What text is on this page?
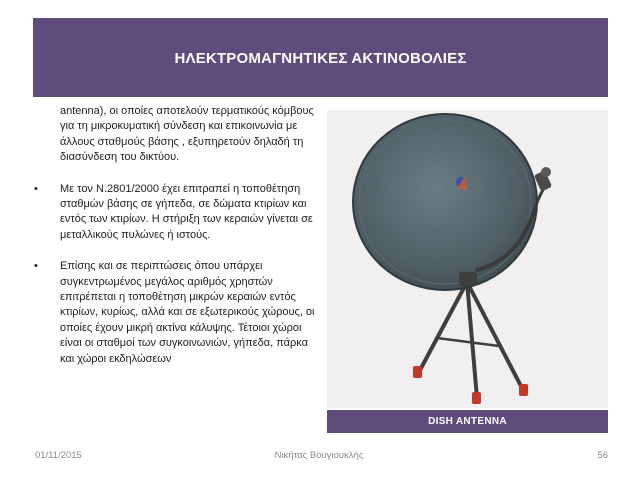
ΗΛΕΚΤΡΟΜΑΓΝΗΤΙΚΕΣ ΑΚΤΙΝΟΒΟΛΙΕΣ

antenna), οι οποίες αποτελούν τερματικούς κόμβους για τη μικροκυματική σύνδεση και επικοινωνία με άλλους σταθμούς βάσης , εξυπηρετούν δηλαδή τη διασύνδεση του δικτύου.

•	Με τον Ν.2801/2000 έχει επιτραπεί η τοποθέτηση σταθμών βάσης σε γήπεδα, σε δώματα κτιρίων και εντός των κτιρίων. Η στήριξη των κεραιών γίνεται σε μεταλλικούς πυλώνες ή ιστούς.
•	Επίσης και σε περιπτώσεις όπου υπάρχει συγκεντρωμένος μεγάλος αριθμός χρηστών επιτρέπεται η τοποθέτηση μικρών κεραιών εντός κτιρίων, κυρίως, αλλά και σε εξωτερικούς χώρους, οι οποίες έχουν μικρή ακτίνα κάλυψης. Τέτοιοι χώροι είναι οι σταθμοί των συγκοινωνιών, γήπεδα, πάρκα και χώροι εκδηλώσεων
DISH ANTENNA
01/11/2015	Νικήτας Βουγιουκλής	56
